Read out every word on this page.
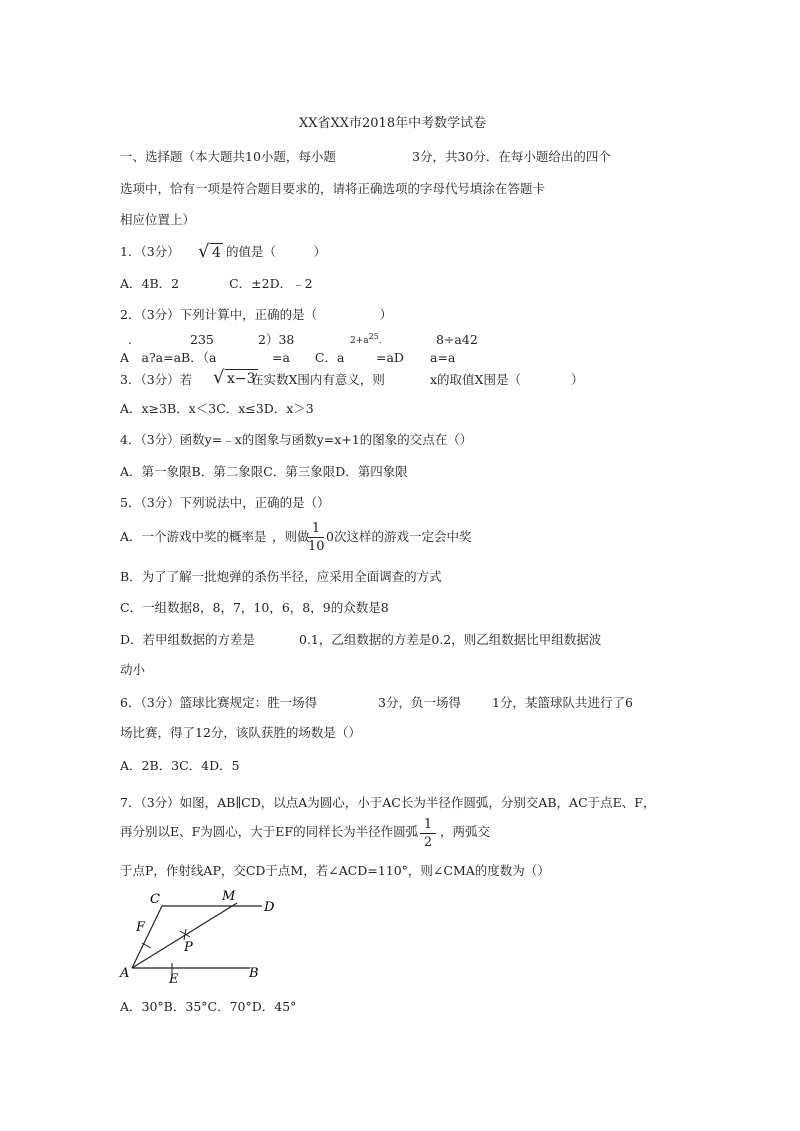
XX省XX市2018年中考数学试卷
一、选择题（本大题共10小题，每小题	3分，共30分．在每小题给出的四个
选项中，恰有一项是符合题目要求的，请将正确选项的字母代号填涂在答题卡
相应位置上）
1．（3分） √ 4 的值是（　　　）
A．4B．2　　　　C．±2D．﹣2
2．（3分）下列计算中，正确的是（　　　　　）
.	235	2）38	2+a25.	8÷a42
A　a?a=aB．（a	=a　　C．a	=aD a=a
3．（3分）若 √ x−3
在实数X围内有意义，则	x的取值X围是（　　　　）
A．x≥3B．x＜3C．x≤3D．x＞3
4．（3分）函数y=﹣x的图象与函数y=x+1的图象的交点在（）
A．第一象限B．第二象限C．第三象限D．第四象限
5．（3分）下列说法中，正确的是（）
A．一个游戏中奖的概率是 ，则做
$\frac{1}{10} 0$次这样的游戏一定会中奖
B．为了了解一批炮弹的杀伤半径，应采用全面调查的方式
C．一组数据8，8，7，10，6，8，9的众数是8
D．若甲组数据的方差是	0.1，乙组数据的方差是0.2，则乙组数据比甲组数据波
动小
6．（3分）篮球比赛规定：胜一场得	3分，负一场得 1分，某篮球队共进行了6
场比赛，得了12分，该队获胜的场数是（）
A．2B．3C．4D．5
7．（3分）如图，AB∥CD，以点A为圆心，小于AC长为半径作圆弧，分别交AB，AC于点E、F，
再分别以E、F为圆心，大于EF的同样长为半径作圆弧 $\frac{1}{2}$ ，两弧交
于点P，作射线AP，交CD于点M，若∠ACD=110°，则∠CMA的度数为（）
C	M
D
F
P
A	E	B
A．30°B．35°C．70°D．45°
